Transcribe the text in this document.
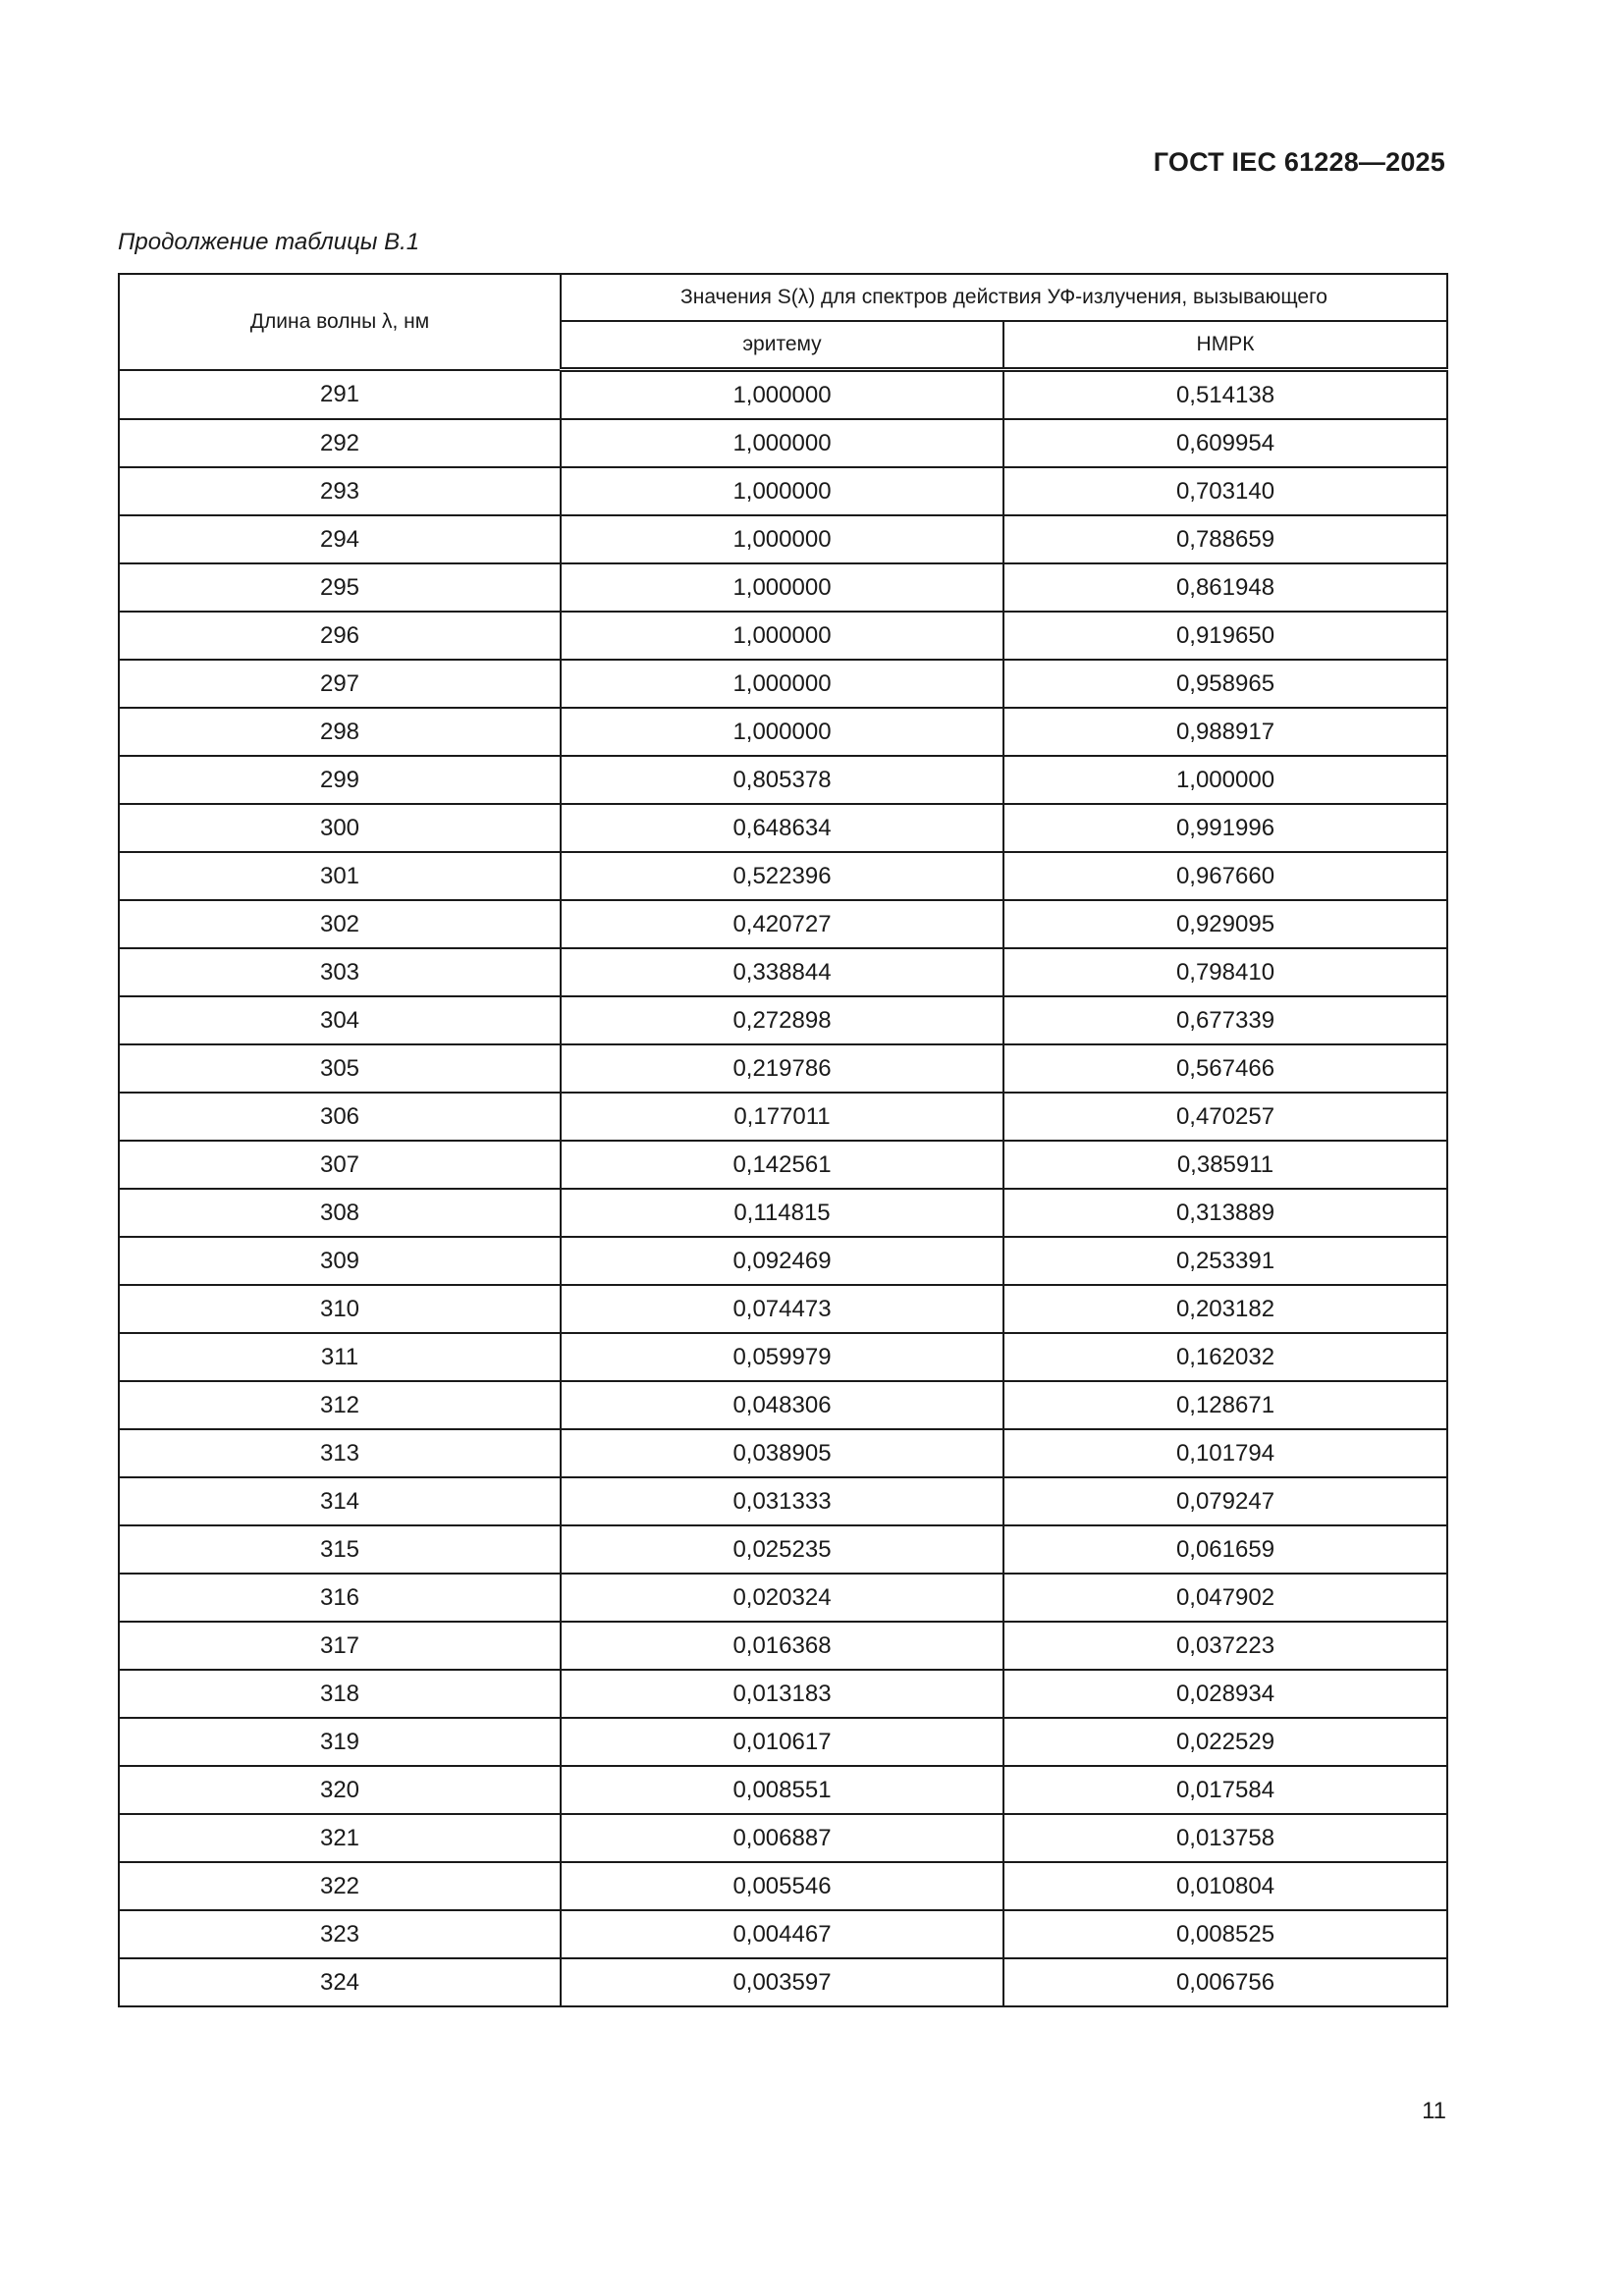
ГОСТ IEC 61228—2025
Продолжение таблицы В.1
Длина волны λ, нм	Значения S(λ) для спектров действия УФ-излучения, вызывающего	
	эритему	НМРК
291	1,000000	0,514138
292	1,000000	0,609954
293	1,000000	0,703140
294	1,000000	0,788659
295	1,000000	0,861948
296	1,000000	0,919650
297	1,000000	0,958965
298	1,000000	0,988917
299	0,805378	1,000000
300	0,648634	0,991996
301	0,522396	0,967660
302	0,420727	0,929095
303	0,338844	0,798410
304	0,272898	0,677339
305	0,219786	0,567466
306	0,177011	0,470257
307	0,142561	0,385911
308	0,114815	0,313889
309	0,092469	0,253391
310	0,074473	0,203182
311	0,059979	0,162032
312	0,048306	0,128671
313	0,038905	0,101794
314	0,031333	0,079247
315	0,025235	0,061659
316	0,020324	0,047902
317	0,016368	0,037223
318	0,013183	0,028934
319	0,010617	0,022529
320	0,008551	0,017584
321	0,006887	0,013758
322	0,005546	0,010804
323	0,004467	0,008525
324	0,003597	0,006756
11
